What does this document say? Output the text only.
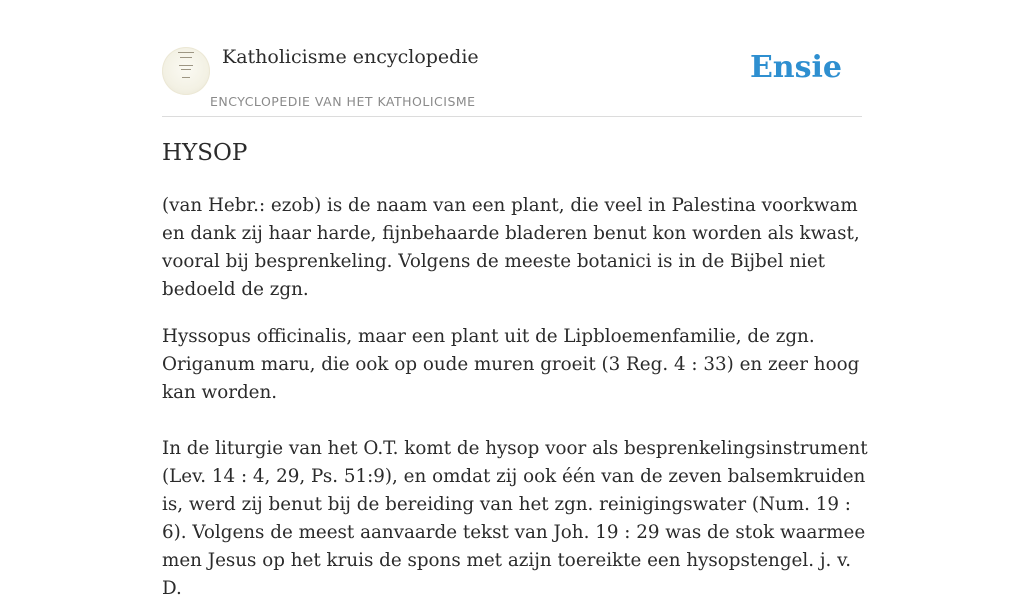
Katholicisme encyclopedie
ENCYCLOPEDIE VAN HET KATHOLICISME
Ensie
HYSOP

(van Hebr.: ezob) is de naam van een plant, die veel in Palestina voorkwam en dank zij haar harde, fijnbehaarde bladeren benut kon worden als kwast, vooral bij besprenkeling. Volgens de meeste botanici is in de Bijbel niet bedoeld de zgn.

Hyssopus officinalis, maar een plant uit de Lipbloemenfamilie, de zgn. Origanum maru, die ook op oude muren groeit (3 Reg. 4 : 33) en zeer hoog kan worden.

In de liturgie van het O.T. komt de hysop voor als besprenkelingsinstrument (Lev. 14 : 4, 29, Ps. 51:9), en omdat zij ook één van de zeven balsemkruiden is, werd zij benut bij de bereiding van het zgn. reinigingswater (Num. 19 : 6). Volgens de meest aanvaarde tekst van Joh. 19 : 29 was de stok waarmee men Jesus op het kruis de spons met azijn toereikte een hysopstengel. j. v. D.
